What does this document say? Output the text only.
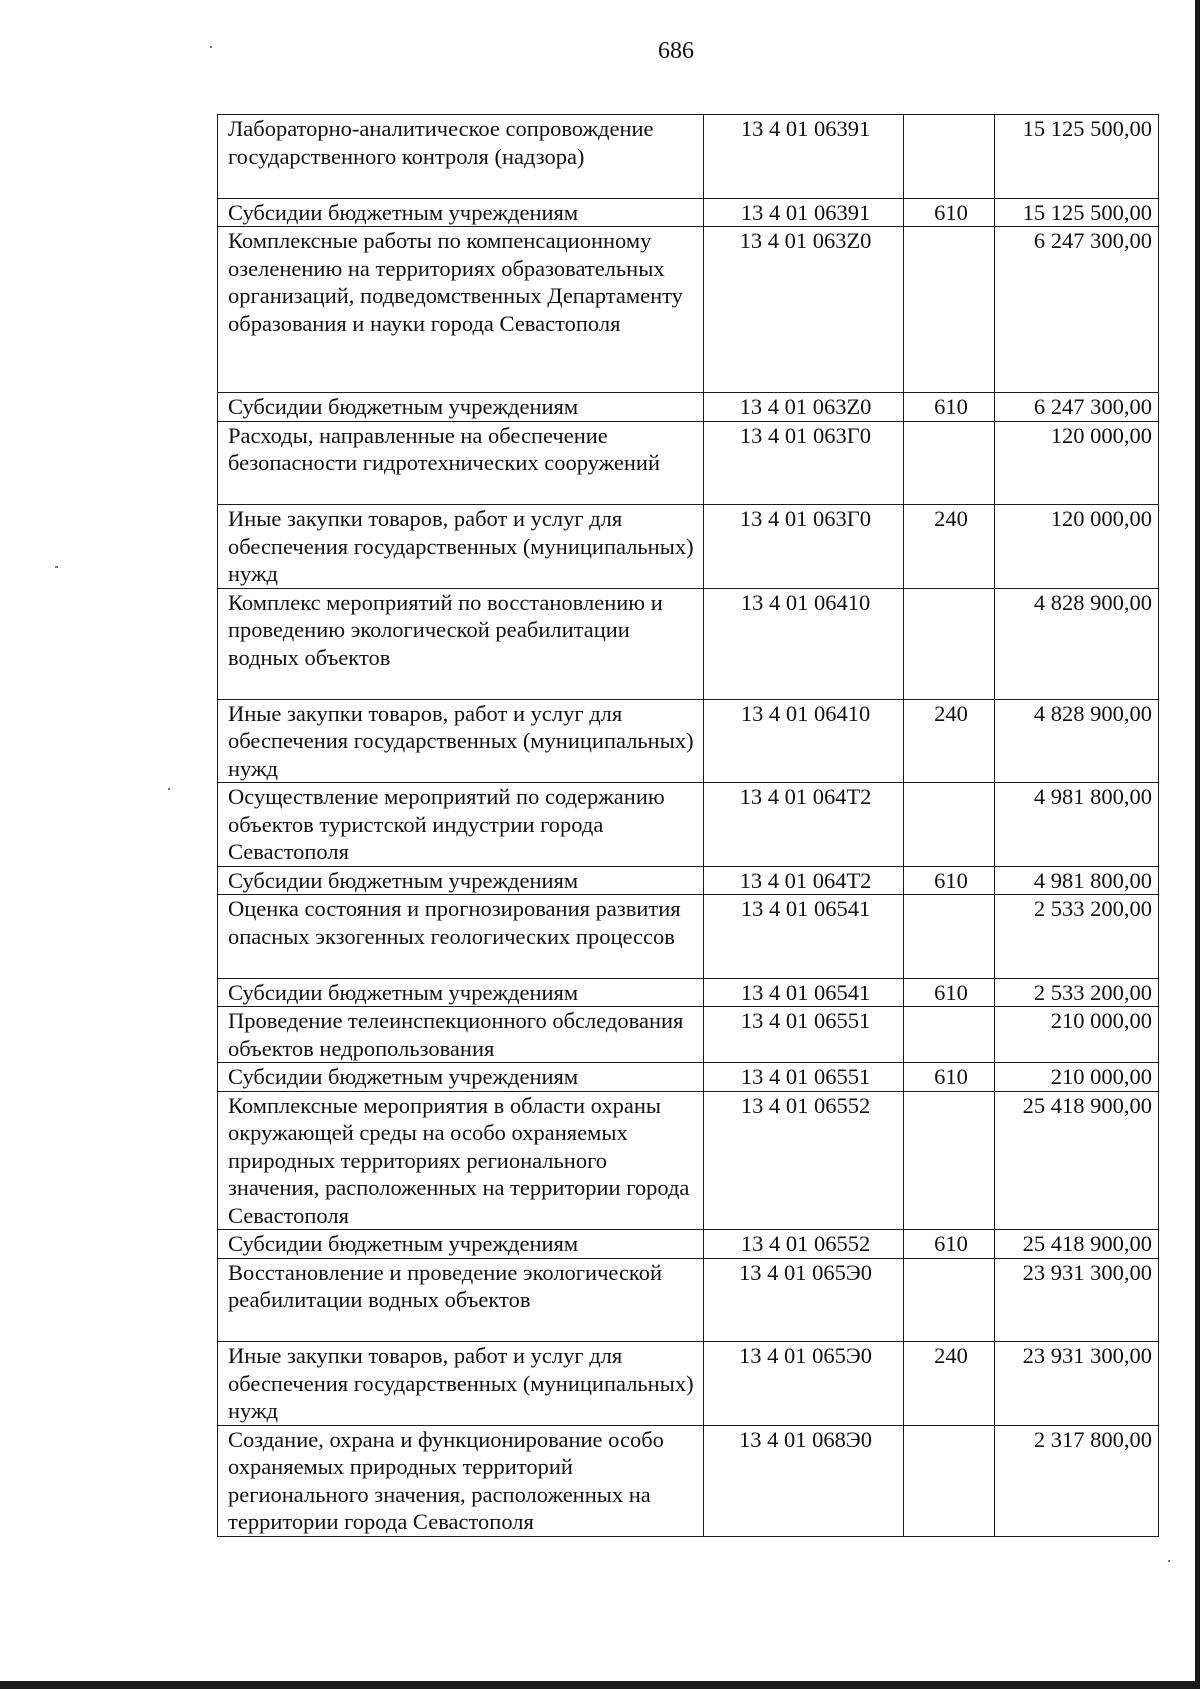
686
Лабораторно-аналитическое сопровождение государственного контроля (надзора)	13 4 01 06391		15 125 500,00
Субсидии бюджетным учреждениям	13 4 01 06391	610	15 125 500,00
Комплексные работы по компенсационному озеленению на территориях образовательных организаций, подведомственных Департаменту образования и науки города Севастополя	13 4 01 063Z0		6 247 300,00
Субсидии бюджетным учреждениям	13 4 01 063Z0	610	6 247 300,00
Расходы, направленные на обеспечение безопасности гидротехнических сооружений	13 4 01 063Г0		120 000,00
Иные закупки товаров, работ и услуг для обеспечения государственных (муниципальных) нужд	13 4 01 063Г0	240	120 000,00
Комплекс мероприятий по восстановлению и проведению экологической реабилитации водных объектов	13 4 01 06410		4 828 900,00
Иные закупки товаров, работ и услуг для обеспечения государственных (муниципальных) нужд	13 4 01 06410	240	4 828 900,00
Осуществление мероприятий по содержанию объектов туристской индустрии города Севастополя	13 4 01 064Т2		4 981 800,00
Субсидии бюджетным учреждениям	13 4 01 064Т2	610	4 981 800,00
Оценка состояния и прогнозирования развития опасных экзогенных геологических процессов	13 4 01 06541		2 533 200,00
Субсидии бюджетным учреждениям	13 4 01 06541	610	2 533 200,00
Проведение телеинспекционного обследования объектов недропользования	13 4 01 06551		210 000,00
Субсидии бюджетным учреждениям	13 4 01 06551	610	210 000,00
Комплексные мероприятия в области охраны окружающей среды на особо охраняемых природных территориях регионального значения, расположенных на территории города Севастополя	13 4 01 06552		25 418 900,00
Субсидии бюджетным учреждениям	13 4 01 06552	610	25 418 900,00
Восстановление и проведение экологической реабилитации водных объектов	13 4 01 065Э0		23 931 300,00
Иные закупки товаров, работ и услуг для обеспечения государственных (муниципальных) нужд	13 4 01 065Э0	240	23 931 300,00
Создание, охрана и функционирование особо охраняемых природных территорий регионального значения, расположенных на территории города Севастополя	13 4 01 068Э0		2 317 800,00
